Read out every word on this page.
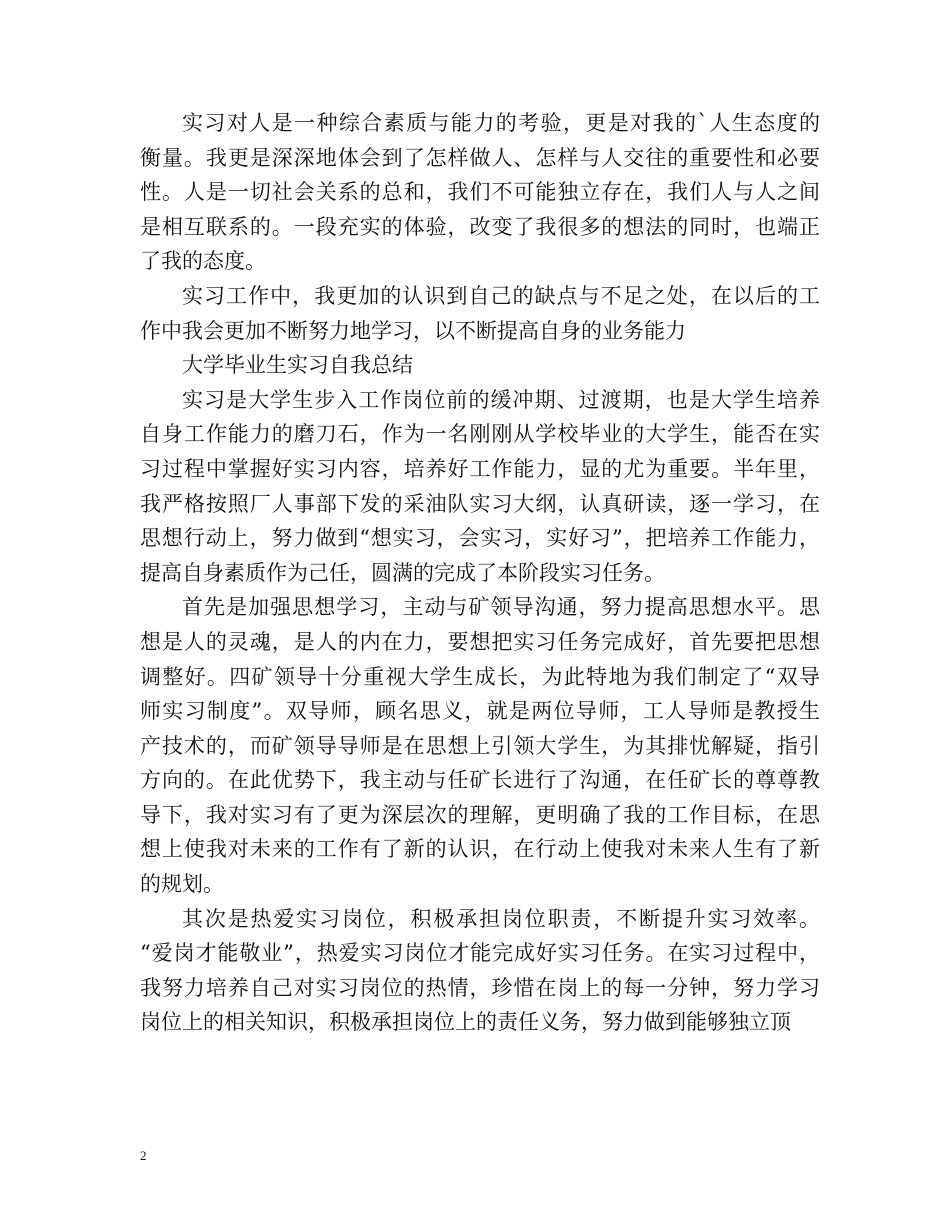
实习对人是一种综合素质与能力的考验，更是对我的`人生态度的
衡量。我更是深深地体会到了怎样做人、怎样与人交往的重要性和必要
性。人是一切社会关系的总和，我们不可能独立存在，我们人与人之间
是相互联系的。一段充实的体验，改变了我很多的想法的同时，也端正
了我的态度。

实习工作中，我更加的认识到自己的缺点与不足之处，在以后的工
作中我会更加不断努力地学习，以不断提高自身的业务能力

大学毕业生实习自我总结

实习是大学生步入工作岗位前的缓冲期、过渡期，也是大学生培养
自身工作能力的磨刀石，作为一名刚刚从学校毕业的大学生，能否在实
习过程中掌握好实习内容，培养好工作能力，显的尤为重要。半年里，
我严格按照厂人事部下发的采油队实习大纲，认真研读，逐一学习，在
思想行动上，努力做到“想实习，会实习，实好习”，把培养工作能力，
提高自身素质作为己任，圆满的完成了本阶段实习任务。

首先是加强思想学习，主动与矿领导沟通，努力提高思想水平。思
想是人的灵魂，是人的内在力，要想把实习任务完成好，首先要把思想
调整好。四矿领导十分重视大学生成长，为此特地为我们制定了“双导
师实习制度”。双导师，顾名思义，就是两位导师，工人导师是教授生
产技术的，而矿领导导师是在思想上引领大学生，为其排忧解疑，指引
方向的。在此优势下，我主动与任矿长进行了沟通，在任矿长的尊尊教
导下，我对实习有了更为深层次的理解，更明确了我的工作目标，在思
想上使我对未来的工作有了新的认识，在行动上使我对未来人生有了新
的规划。

其次是热爱实习岗位，积极承担岗位职责，不断提升实习效率。
“爱岗才能敬业”，热爱实习岗位才能完成好实习任务。在实习过程中，
我努力培养自己对实习岗位的热情，珍惜在岗上的每一分钟，努力学习
岗位上的相关知识，积极承担岗位上的责任义务，努力做到能够独立顶

2
